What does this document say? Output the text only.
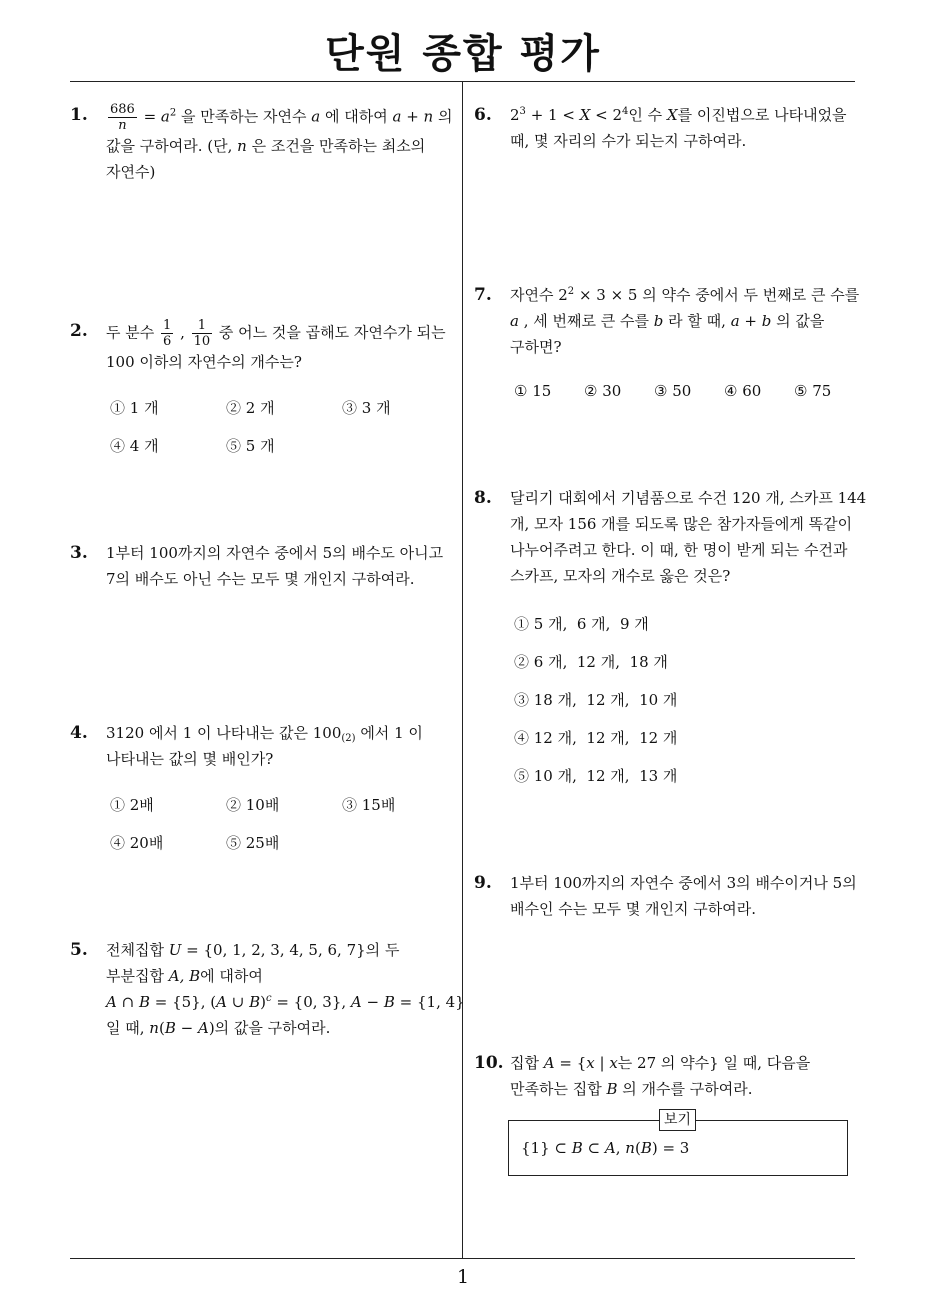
단원 종합 평가
1
1. $\frac{686}{n} = a^2$ 을 만족하는 자연수 a 에 대하여 a + n 의
값을 구하여라. (단, n 은 조건을 만족하는 최소의
자연수)
2. 두 분수 $\frac{1}{6}$ , $\frac{1}{10}$ 중 어느 것을 곱해도 자연수가 되는
100 이하의 자연수의 개수는?
① 1 개	② 2 개	③ 3 개
④ 4 개	⑤ 5 개
3. 1부터 100까지의 자연수 중에서 5의 배수도 아니고
7의 배수도 아닌 수는 모두 몇 개인지 구하여라.
4. 3120 에서 1 이 나타내는 값은 $100_{(2)}$ 에서 1 이
나타내는 값의 몇 배인가?
① 2배	② 10배	③ 15배
④ 20배	⑤ 25배
5. 전체집합 U = {0, 1, 2, 3, 4, 5, 6, 7}의 두
부분집합 A, B에 대하여
A ∩ B = {5}, (A ∪ B)$^c$ = {0, 3}, A − B = {1, 4}
일 때, n(B − A)의 값을 구하여라.
6. $2^3 + 1 < X < 2^4$인 수 X를 이진법으로 나타내었을
때, 몇 자리의 수가 되는지 구하여라.
7. 자연수 $2^2 \times 3 \times 5$ 의 약수 중에서 두 번째로 큰 수를
a , 세 번째로 큰 수를 b 라 할 때, a + b 의 값을
구하면?
① 15	② 30	③ 50	④ 60	⑤ 75
8. 달리기 대회에서 기념품으로 수건 120 개, 스카프 144
개, 모자 156 개를 되도록 많은 참가자들에게 똑같이
나누어주려고 한다. 이 때, 한 명이 받게 되는 수건과
스카프, 모자의 개수로 옳은 것은?
① 5 개,  6 개,  9 개
② 6 개,  12 개,  18 개
③ 18 개,  12 개,  10 개
④ 12 개,  12 개,  12 개
⑤ 10 개,  12 개,  13 개
9. 1부터 100까지의 자연수 중에서 3의 배수이거나 5의
배수인 수는 모두 몇 개인지 구하여라.
10. 집합 A = {x | x는 27 의 약수} 일 때, 다음을
만족하는 집합 B 의 개수를 구하여라.
보기
{1} ⊂ B ⊂ A, n(B) = 3
